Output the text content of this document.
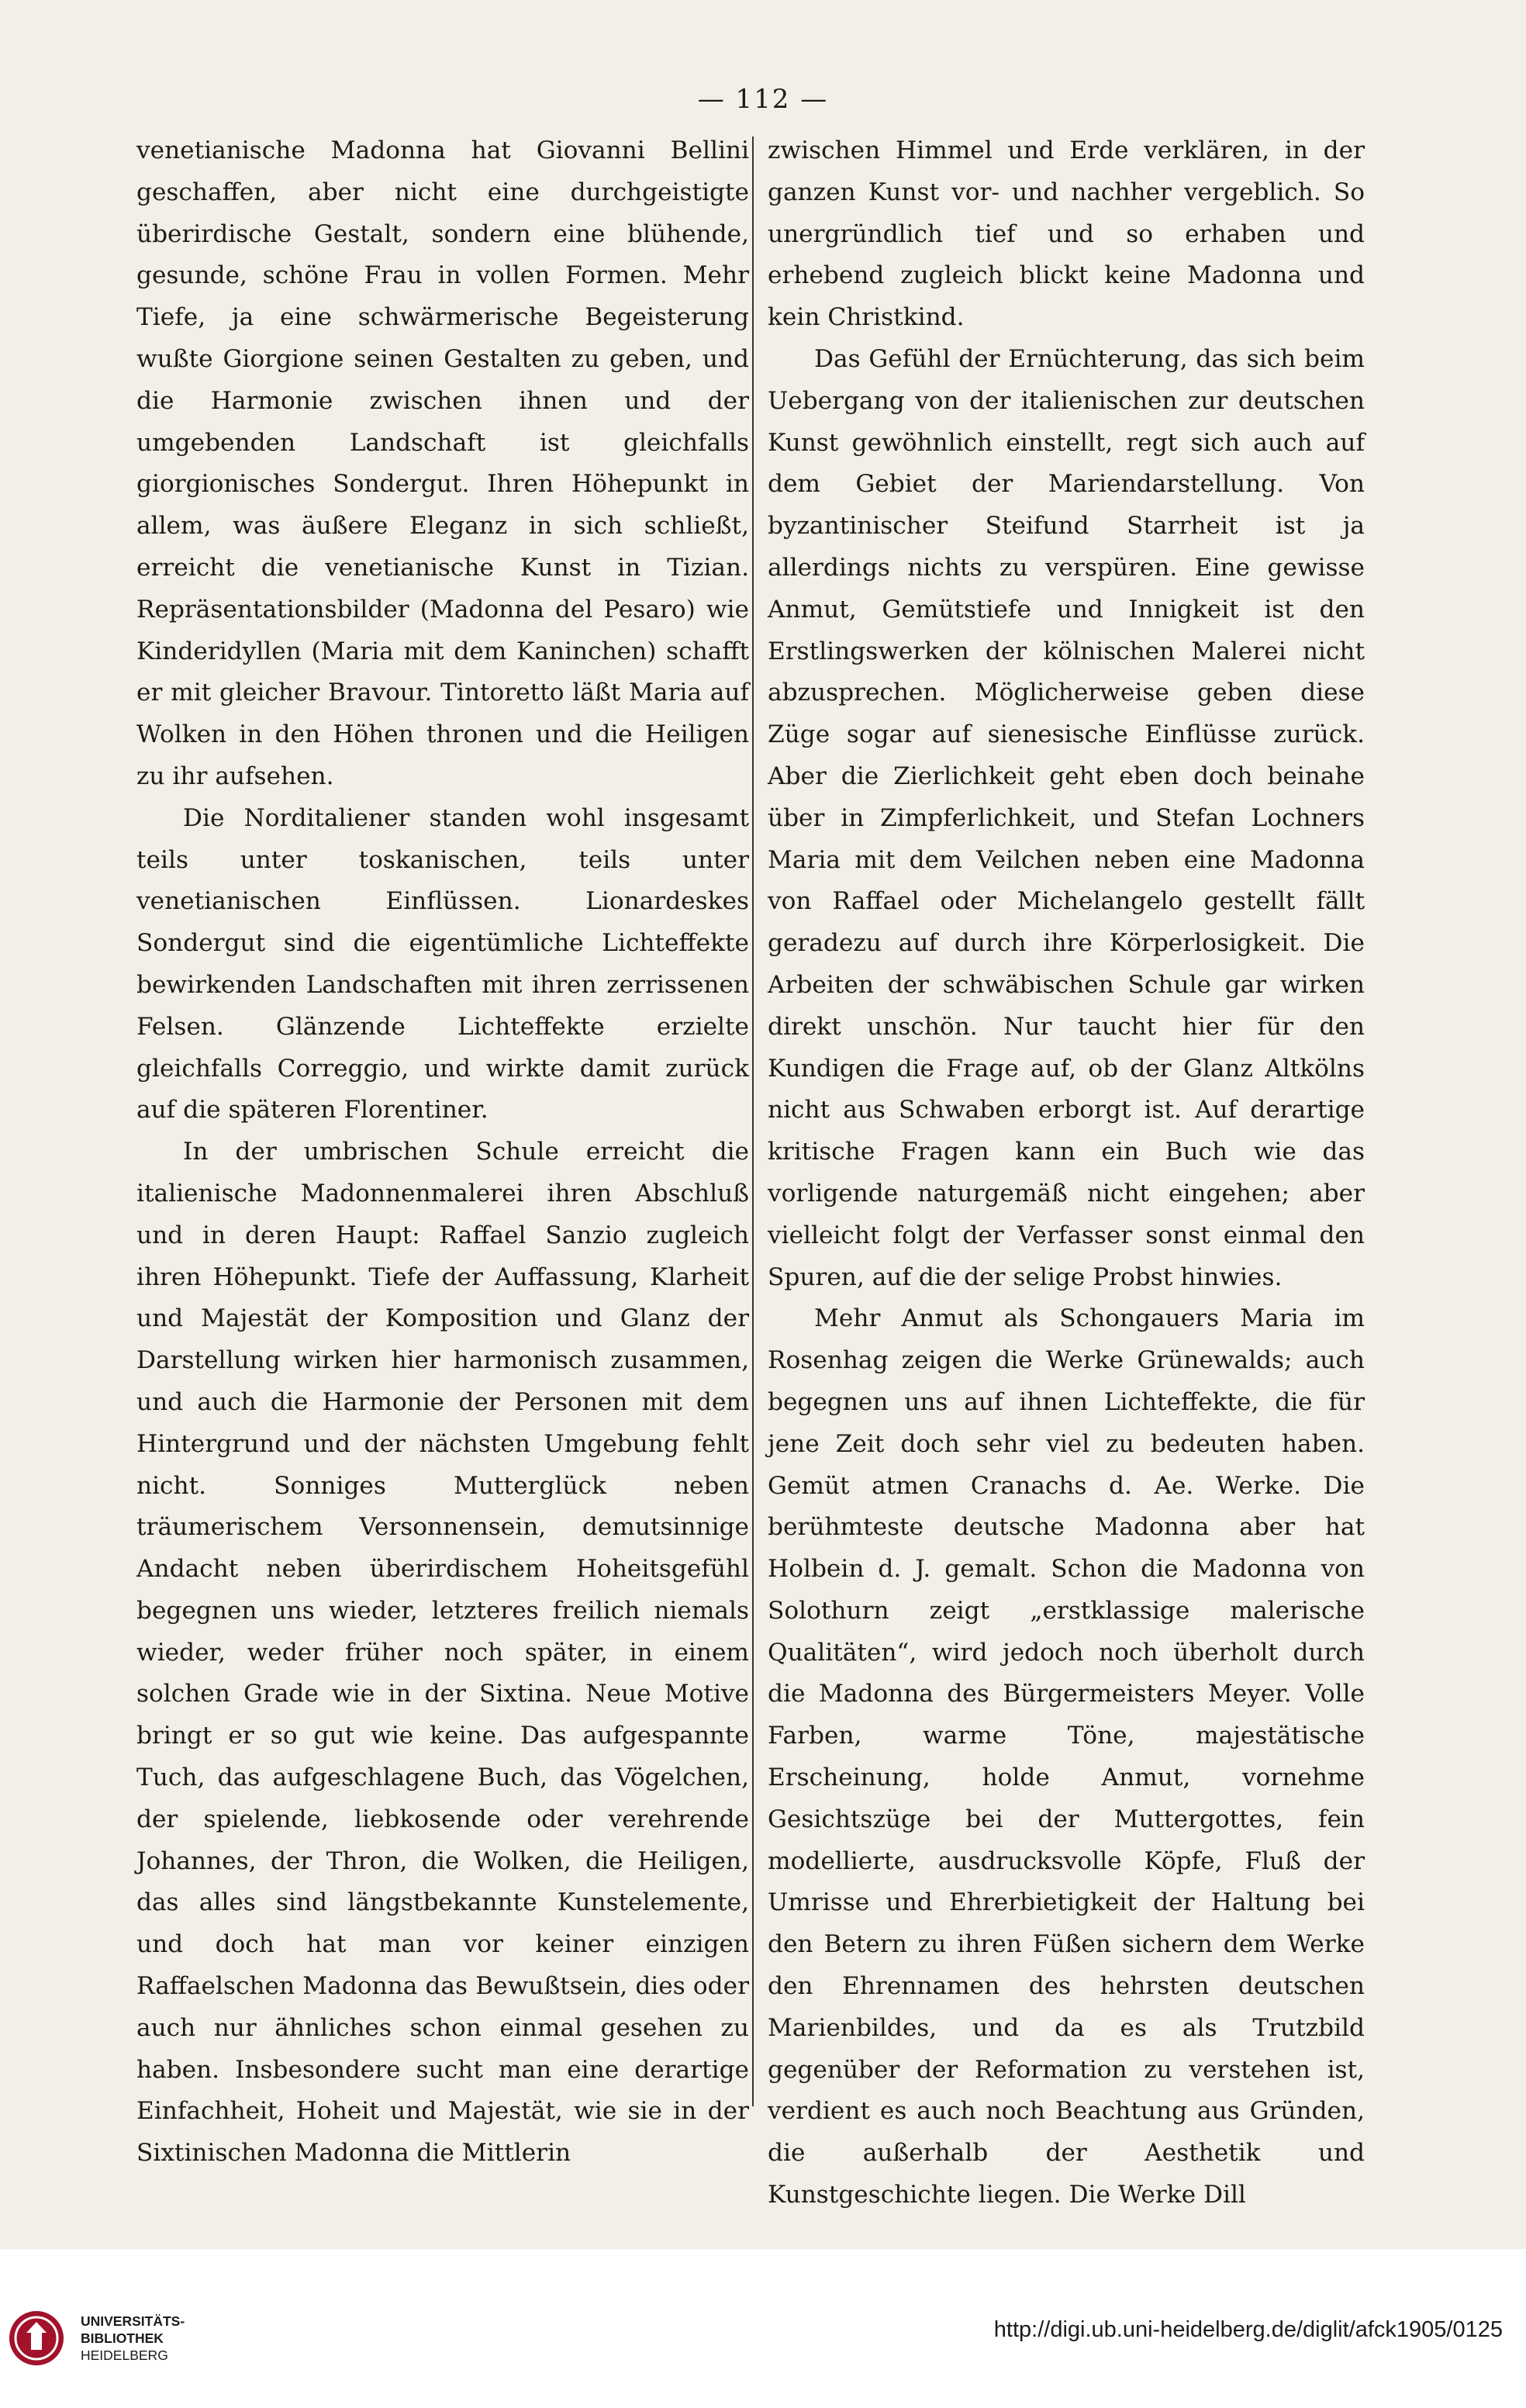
— 112 —

venetianische Madonna hat Giovanni Bellini geschaffen, aber nicht eine durchgeistigte überirdische Gestalt, sondern eine blühende, gesunde, schöne Frau in vollen Formen. Mehr Tiefe, ja eine schwärmerische Begeisterung wußte Giorgione seinen Gestalten zu geben, und die Harmonie zwischen ihnen und der umgebenden Landschaft ist gleichfalls giorgionisches Sondergut. Ihren Höhepunkt in allem, was äußere Eleganz in sich schließt, erreicht die venetianische Kunst in Tizian. Repräsentationsbilder (Madonna del Pesaro) wie Kinderidyllen (Maria mit dem Kaninchen) schafft er mit gleicher Bravour. Tintoretto läßt Maria auf Wolken in den Höhen thronen und die Heiligen zu ihr aufsehen.

Die Norditaliener standen wohl insgesamt teils unter toskanischen, teils unter venetianischen Einflüssen. Lionardeskes Sondergut sind die eigentümliche Lichteffekte bewirkenden Landschaften mit ihren zerrissenen Felsen. Glänzende Lichteffekte erzielte gleichfalls Correggio, und wirkte damit zurück auf die späteren Florentiner.

In der umbrischen Schule erreicht die italienische Madonnenmalerei ihren Abschluß und in deren Haupt: Raffael Sanzio zugleich ihren Höhepunkt. Tiefe der Auffassung, Klarheit und Majestät der Komposition und Glanz der Darstellung wirken hier harmonisch zusammen, und auch die Harmonie der Personen mit dem Hintergrund und der nächsten Umgebung fehlt nicht. Sonniges Mutterglück neben träumerischem Versonnensein, demutsinnige Andacht neben überirdischem Hoheitsgefühl begegnen uns wieder, letzteres freilich niemals wieder, weder früher noch später, in einem solchen Grade wie in der Sixtina. Neue Motive bringt er so gut wie keine. Das aufgespannte Tuch, das aufgeschlagene Buch, das Vögelchen, der spielende, liebkosende oder verehrende Johannes, der Thron, die Wolken, die Heiligen, das alles sind längstbekannte Kunstelemente, und doch hat man vor keiner einzigen Raffaelschen Madonna das Bewußtsein, dies oder auch nur ähnliches schon einmal gesehen zu haben. Insbesondere sucht man eine derartige Einfachheit, Hoheit und Majestät, wie sie in der Sixtinischen Madonna die Mittlerin

zwischen Himmel und Erde verklären, in der ganzen Kunst vor- und nachher vergeblich. So unergründlich tief und so erhaben und erhebend zugleich blickt keine Madonna und kein Christkind.

Das Gefühl der Ernüchterung, das sich beim Uebergang von der italienischen zur deutschen Kunst gewöhnlich einstellt, regt sich auch auf dem Gebiet der Mariendarstellung. Von byzantinischer Steifund Starrheit ist ja allerdings nichts zu verspüren. Eine gewisse Anmut, Gemütstiefe und Innigkeit ist den Erstlingswerken der kölnischen Malerei nicht abzusprechen. Möglicherweise geben diese Züge sogar auf sienesische Einflüsse zurück. Aber die Zierlichkeit geht eben doch beinahe über in Zimpferlichkeit, und Stefan Lochners Maria mit dem Veilchen neben eine Madonna von Raffael oder Michelangelo gestellt fällt geradezu auf durch ihre Körperlosigkeit. Die Arbeiten der schwäbischen Schule gar wirken direkt unschön. Nur taucht hier für den Kundigen die Frage auf, ob der Glanz Altkölns nicht aus Schwaben erborgt ist. Auf derartige kritische Fragen kann ein Buch wie das vorligende naturgemäß nicht eingehen; aber vielleicht folgt der Verfasser sonst einmal den Spuren, auf die der selige Probst hinwies.

Mehr Anmut als Schongauers Maria im Rosenhag zeigen die Werke Grünewalds; auch begegnen uns auf ihnen Lichteffekte, die für jene Zeit doch sehr viel zu bedeuten haben. Gemüt atmen Cranachs d. Ae. Werke. Die berühmteste deutsche Madonna aber hat Holbein d. J. gemalt. Schon die Madonna von Solothurn zeigt „erstklassige malerische Qualitäten“, wird jedoch noch überholt durch die Madonna des Bürgermeisters Meyer. Volle Farben, warme Töne, majestätische Erscheinung, holde Anmut, vornehme Gesichtszüge bei der Muttergottes, fein modellierte, ausdrucksvolle Köpfe, Fluß der Umrisse und Ehrerbietigkeit der Haltung bei den Betern zu ihren Füßen sichern dem Werke den Ehrennamen des hehrsten deutschen Marienbildes, und da es als Trutzbild gegenüber der Reformation zu verstehen ist, verdient es auch noch Beachtung aus Gründen, die außerhalb der Aesthetik und Kunstgeschichte liegen. Die Werke Dill

UNIVERSITÄTS-
BIBLIOTHEK
HEIDELBERG
http://digi.ub.uni-heidelberg.de/diglit/afck1905/0125
